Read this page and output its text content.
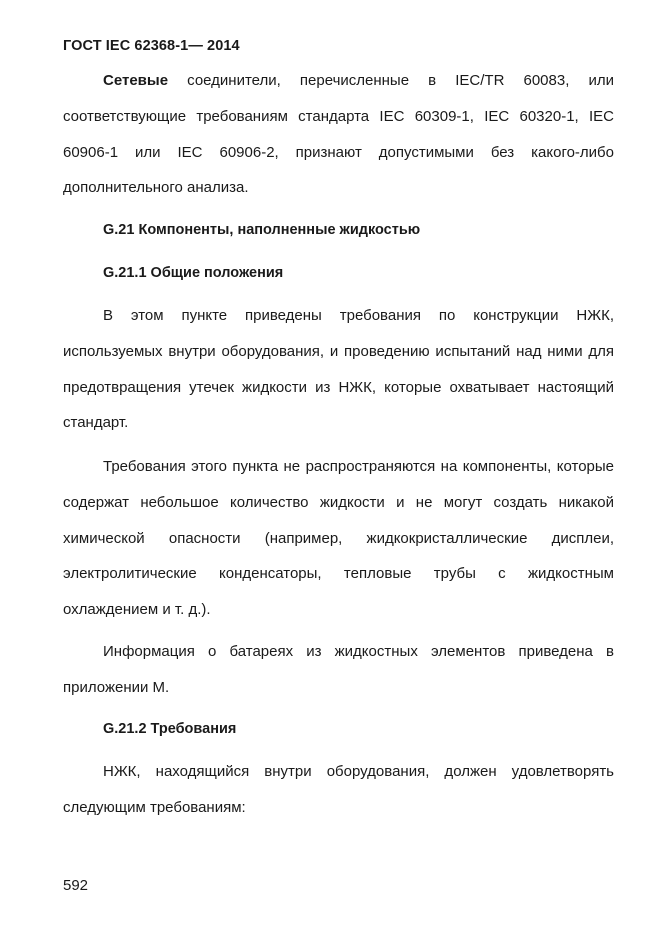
ГОСТ IEC 62368-1— 2014

Сетевые соединители, перечисленные в IEC/TR 60083, или соответствующие требованиям стандарта IEC 60309-1, IEC 60320-1, IEC 60906-1 или IEC 60906-2, признают допустимыми без какого-либо дополнительного анализа.

G.21 Компоненты, наполненные жидкостью
G.21.1 Общие положения

В этом пункте приведены требования по конструкции НЖК, используемых внутри оборудования, и проведению испытаний над ними для предотвращения утечек жидкости из НЖК, которые охватывает настоящий стандарт.

Требования этого пункта не распространяются на компоненты, которые содержат небольшое количество жидкости и не могут создать никакой химической опасности (например, жидкокристаллические дисплеи, электролитические конденсаторы, тепловые трубы с жидкостным охлаждением и т. д.).

Информация о батареях из жидкостных элементов приведена в приложении М.

G.21.2 Требования

НЖК, находящийся внутри оборудования, должен удовлетворять следующим требованиям:

592
